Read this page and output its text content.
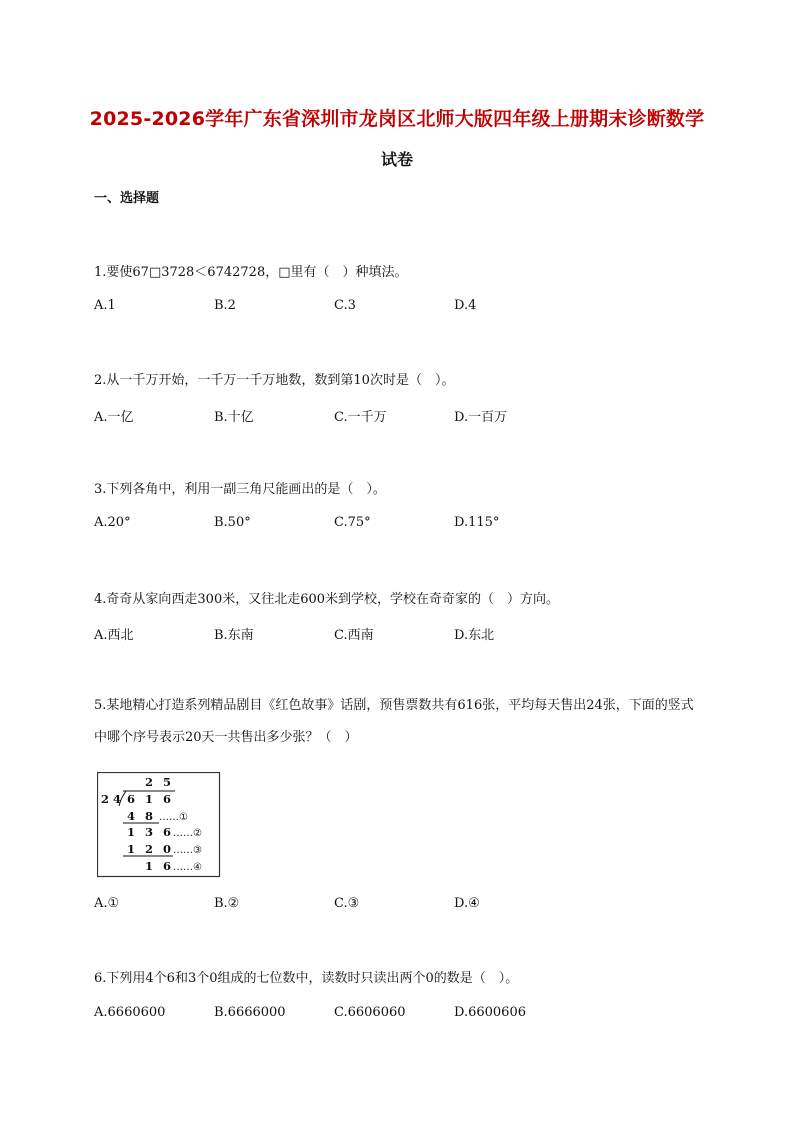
2025-2026学年广东省深圳市龙岗区北师大版四年级上册期末诊断数学
试卷
一、选择题
1.要使67□3728＜6742728，□里有（　）种填法。
A.1	B.2	C.3	D.4
2.从一千万开始，一千万一千万地数，数到第10次时是（　）。
A.一亿	B.十亿	C.一千万	D.一百万
3.下列各角中，利用一副三角尺能画出的是（　）。
A.20°	B.50°	C.75°	D.115°
4.奇奇从家向西走300米，又往北走600米到学校，学校在奇奇家的（　）方向。
A.西北	B.东南	C.西南	D.东北
5.某地精心打造系列精品剧目《红色故事》话剧，预售票数共有616张，平均每天售出24张，下面的竖式中哪个序号表示20天一共售出多少张？（　）
2 5
2 4 6 1 6
4 8 ……①
1 3 6 ……②
1 2 0 ……③
1 6 ……④
A.①	B.②	C.③	D.④
6.下列用4个6和3个0组成的七位数中，读数时只读出两个0的数是（　）。
A.6660600	B.6666000	C.6606060	D.6600606
